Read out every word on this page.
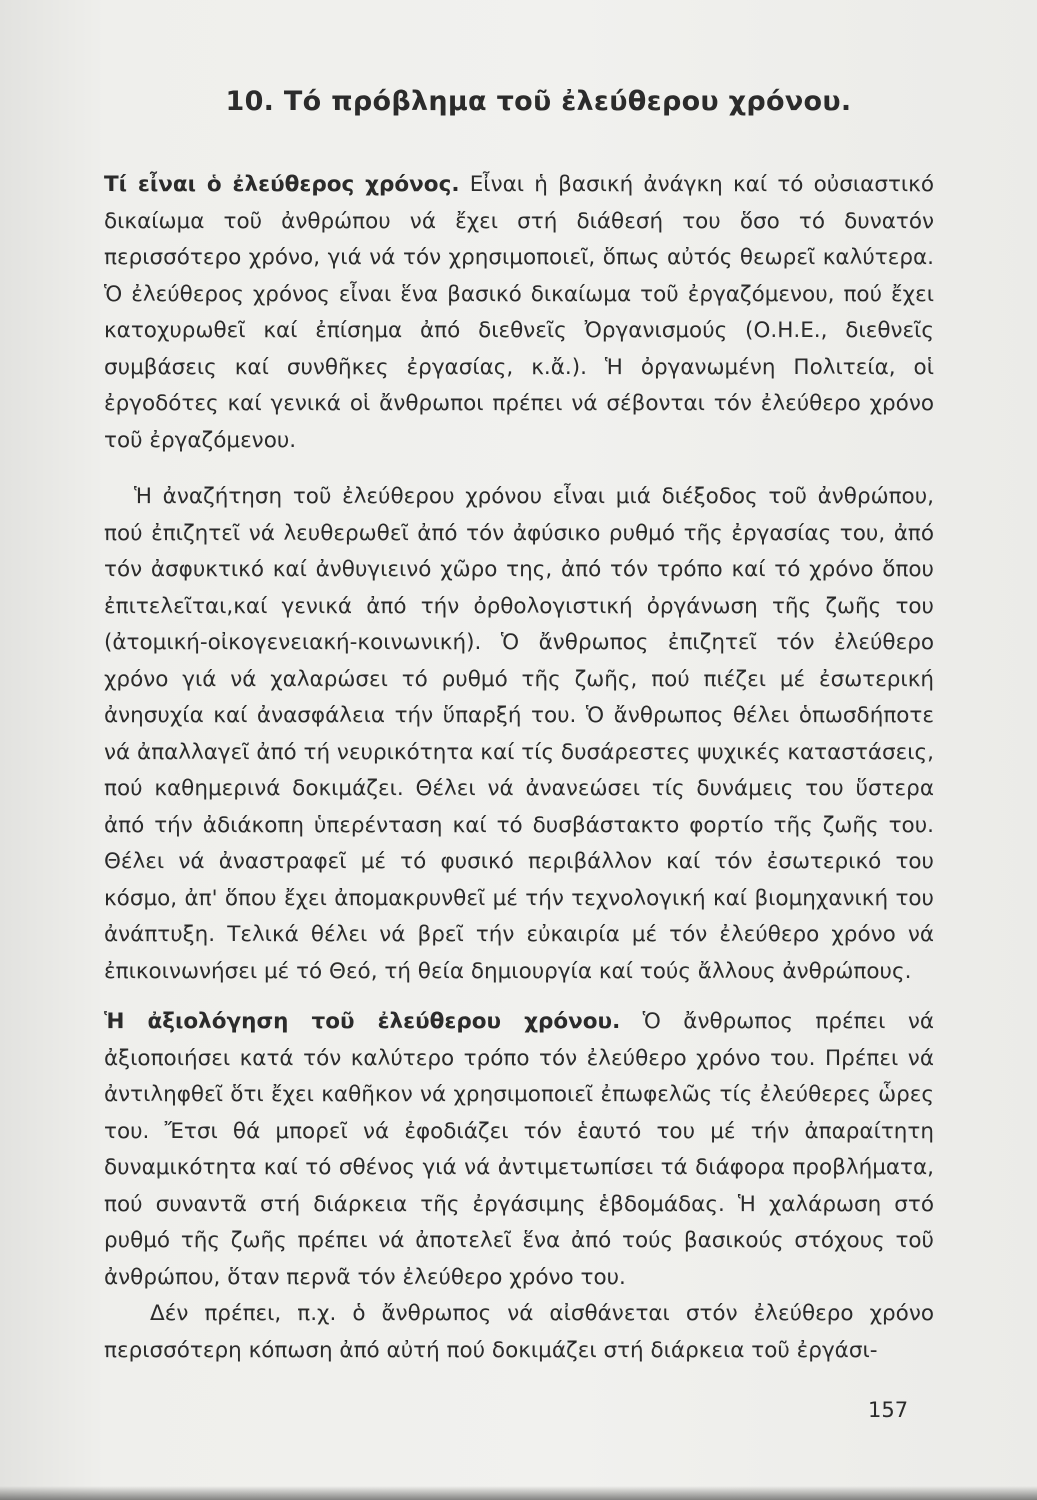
10. Τό πρόβλημα τοῦ ἐλεύθερου χρόνου.

Τί εἶναι ὁ ἐλεύθερος χρόνος. Εἶναι ἡ βασική ἀνάγκη καί τό οὐσιαστικό δικαίωμα τοῦ ἀνθρώπου νά ἔχει στή διάθεσή του ὅσο τό δυνατόν περισσότερο χρόνο, γιά νά τόν χρησιμοποιεῖ, ὅπως αὐτός θεωρεῖ καλύτερα. Ὁ ἐλεύθερος χρόνος εἶναι ἕνα βασικό δικαίωμα τοῦ ἐργαζόμενου, πού ἔχει κατοχυρωθεῖ καί ἐπίσημα ἀπό διεθνεῖς Ὀργανισμούς (Ο.Η.Ε., διεθνεῖς συμβάσεις καί συνθῆκες ἐργασίας, κ.ἄ.). Ἡ ὀργανωμένη Πολιτεία, οἱ ἐργοδότες καί γενικά οἱ ἄνθρωποι πρέπει νά σέβονται τόν ἐλεύθερο χρόνο τοῦ ἐργαζόμενου.

Ἡ ἀναζήτηση τοῦ ἐλεύθερου χρόνου εἶναι μιά διέξοδος τοῦ ἀνθρώπου, πού ἐπιζητεῖ νά λευθερωθεῖ ἀπό τόν ἀφύσικο ρυθμό τῆς ἐργασίας του, ἀπό τόν ἀσφυκτικό καί ἀνθυγιεινό χῶρο της, ἀπό τόν τρόπο καί τό χρόνο ὅπου ἐπιτελεῖται,καί γενικά ἀπό τήν ὀρθολογιστική ὀργάνωση τῆς ζωῆς του (ἀτομική-οἰκογενειακή-κοινωνική). Ὁ ἄνθρωπος ἐπιζητεῖ τόν ἐλεύθερο χρόνο γιά νά χαλαρώσει τό ρυθμό τῆς ζωῆς, πού πιέζει μέ ἐσωτερική ἀνησυχία καί ἀνασφάλεια τήν ὕπαρξή του. Ὁ ἄνθρωπος θέλει ὁπωσδήποτε νά ἀπαλλαγεῖ ἀπό τή νευρικότητα καί τίς δυσάρεστες ψυχικές καταστάσεις, πού καθημερινά δοκιμάζει. Θέλει νά ἀνανεώσει τίς δυνάμεις του ὕστερα ἀπό τήν ἀδιάκοπη ὑπερένταση καί τό δυσβάστακτο φορτίο τῆς ζωῆς του. Θέλει νά ἀναστραφεῖ μέ τό φυσικό περιβάλλον καί τόν ἐσωτερικό του κόσμο, ἀπ' ὅπου ἔχει ἀπομακρυνθεῖ μέ τήν τεχνολογική καί βιομηχανική του ἀνάπτυξη. Τελικά θέλει νά βρεῖ τήν εὐκαιρία μέ τόν ἐλεύθερο χρόνο νά ἐπικοινωνήσει μέ τό Θεό, τή θεία δημιουργία καί τούς ἄλλους ἀνθρώπους.

Ἡ ἀξιολόγηση τοῦ ἐλεύθερου χρόνου. Ὁ ἄνθρωπος πρέπει νά ἀξιοποιήσει κατά τόν καλύτερο τρόπο τόν ἐλεύθερο χρόνο του. Πρέπει νά ἀντιληφθεῖ ὅτι ἔχει καθῆκον νά χρησιμοποιεῖ ἐπωφελῶς τίς ἐλεύθερες ὧρες του. Ἔτσι θά μπορεῖ νά ἐφοδιάζει τόν ἑαυτό του μέ τήν ἀπαραίτητη δυναμικότητα καί τό σθένος γιά νά ἀντιμετωπίσει τά διάφορα προβλήματα, πού συναντᾶ στή διάρκεια τῆς ἐργάσιμης ἑβδομάδας. Ἡ χαλάρωση στό ρυθμό τῆς ζωῆς πρέπει νά ἀποτελεῖ ἕνα ἀπό τούς βασικούς στόχους τοῦ ἀνθρώπου, ὅταν περνᾶ τόν ἐλεύθερο χρόνο του.

Δέν πρέπει, π.χ. ὁ ἄνθρωπος νά αἰσθάνεται στόν ἐλεύθερο χρόνο περισσότερη κόπωση ἀπό αὐτή πού δοκιμάζει στή διάρκεια τοῦ ἐργάσι-

157
